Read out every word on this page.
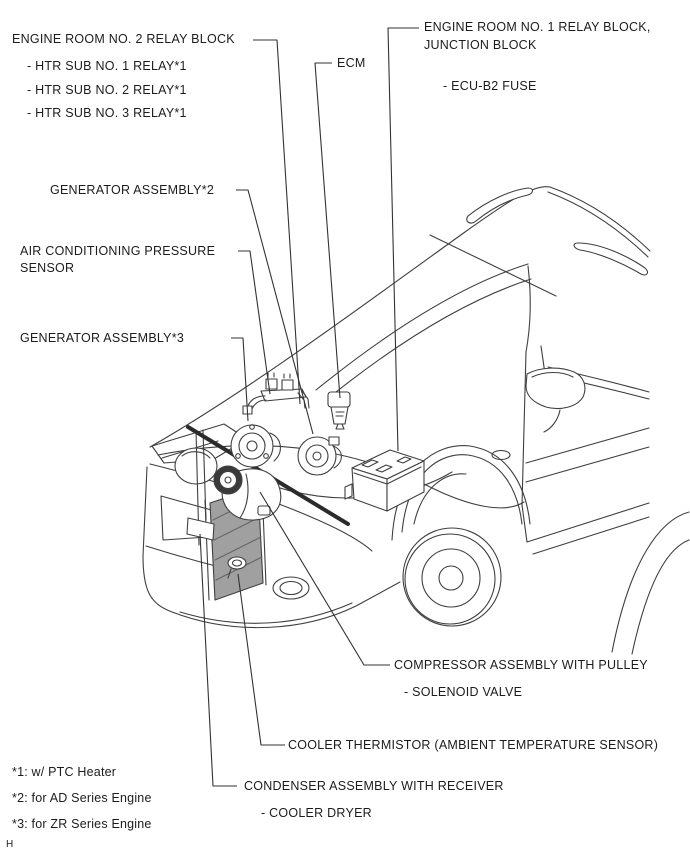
ENGINE ROOM NO. 2 RELAY BLOCK
- HTR SUB NO. 1 RELAY*1
- HTR SUB NO. 2 RELAY*1
- HTR SUB NO. 3 RELAY*1
ECM
ENGINE ROOM NO. 1 RELAY BLOCK,
JUNCTION BLOCK
- ECU-B2 FUSE
GENERATOR ASSEMBLY*2
AIR CONDITIONING PRESSURE
SENSOR
GENERATOR ASSEMBLY*3
COMPRESSOR ASSEMBLY WITH PULLEY
- SOLENOID VALVE
COOLER THERMISTOR (AMBIENT TEMPERATURE SENSOR)
CONDENSER ASSEMBLY WITH RECEIVER
- COOLER DRYER
*1: w/ PTC Heater
*2: for AD Series Engine
*3: for ZR Series Engine
H
